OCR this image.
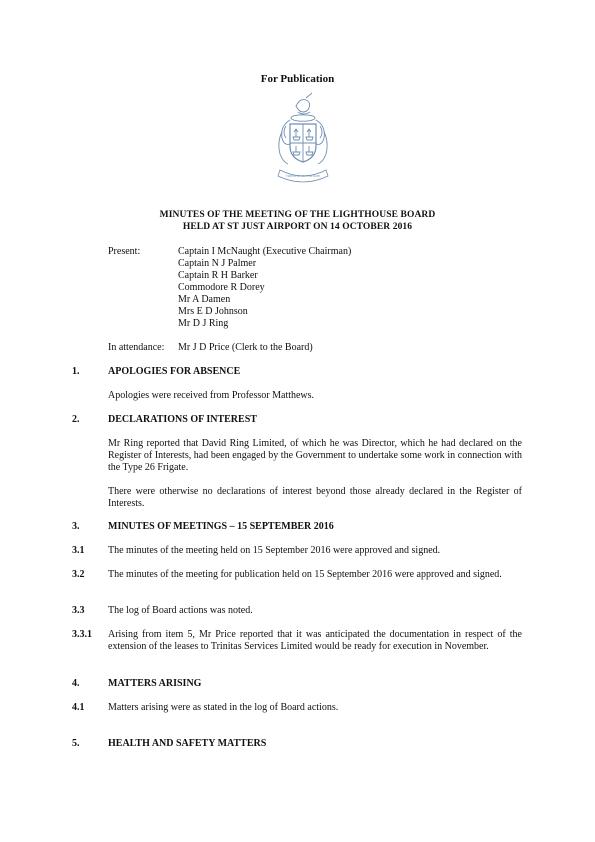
For Publication
TRINITAS IN UNITATE
MINUTES OF THE MEETING OF THE LIGHTHOUSE BOARD
HELD AT ST JUST AIRPORT ON 14 OCTOBER 2016
Present:	Captain I McNaught (Executive Chairman)
Captain N J Palmer
Captain R H Barker
Commodore R Dorey
Mr A Damen
Mrs E D Johnson
Mr D J Ring
In attendance: Mr J D Price (Clerk to the Board)
1.	APOLOGIES FOR ABSENCE
Apologies were received from Professor Matthews.
2.	DECLARATIONS OF INTEREST
Mr Ring reported that David Ring Limited, of which he was Director, which he had declared on the Register of Interests, had been engaged by the Government to undertake some work in connection with the Type 26 Frigate.
There were otherwise no declarations of interest beyond those already declared in the Register of Interests.
3.	MINUTES OF MEETINGS – 15 SEPTEMBER 2016
3.1 The minutes of the meeting held on 15 September 2016 were approved and signed.
3.2 The minutes of the meeting for publication held on 15 September 2016 were approved and signed.
3.3 The log of Board actions was noted.
3.3.1 Arising from item 5, Mr Price reported that it was anticipated the documentation in respect of the extension of the leases to Trinitas Services Limited would be ready for execution in November.
4.	MATTERS ARISING
4.1 Matters arising were as stated in the log of Board actions.
5.	HEALTH AND SAFETY MATTERS
